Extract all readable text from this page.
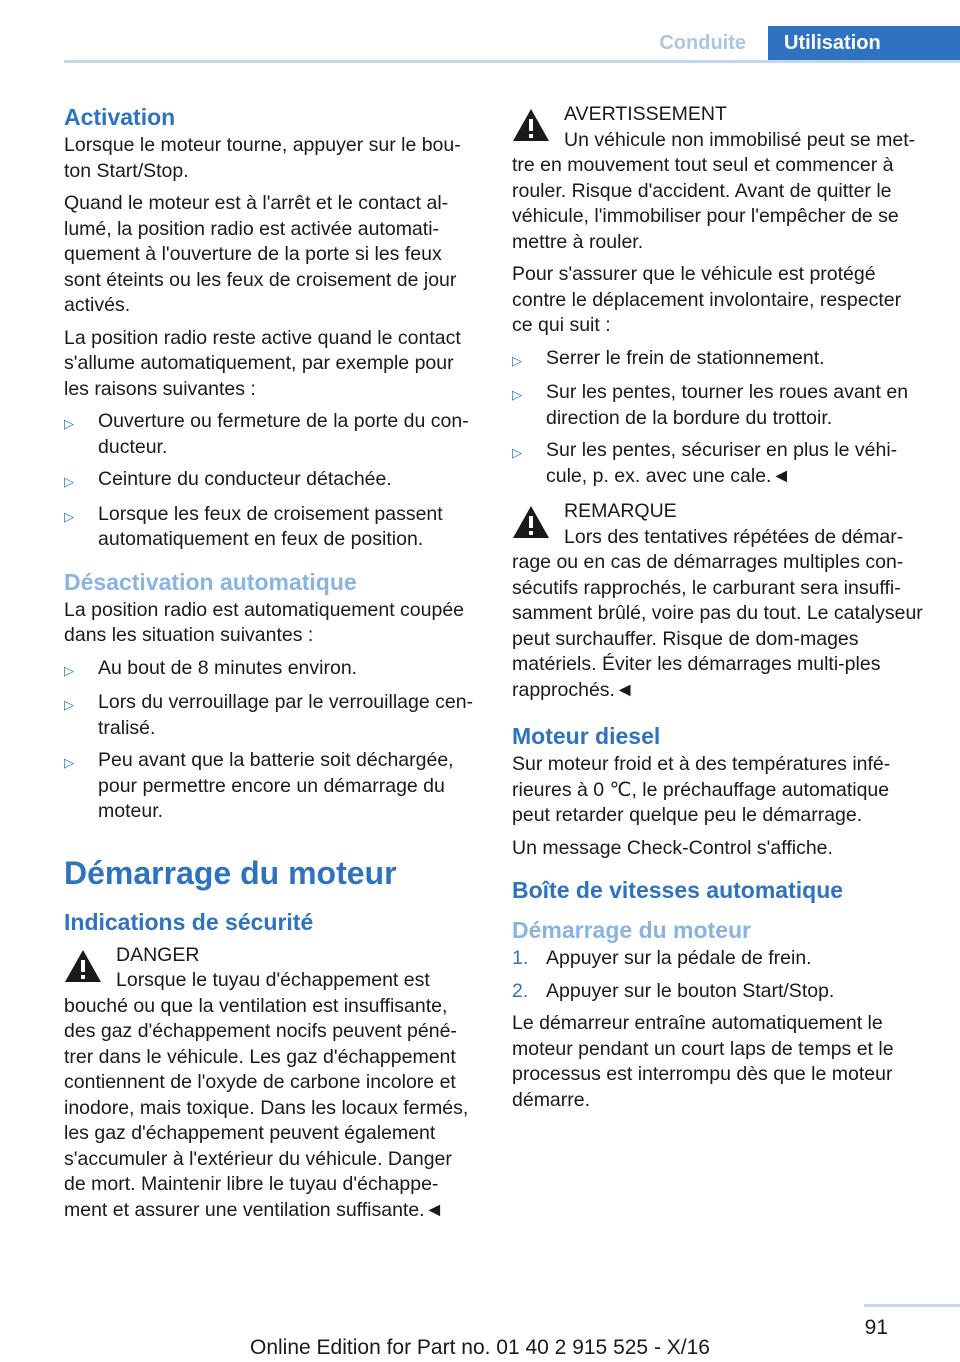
Conduite	Utilisation
Activation

Lorsque le moteur tourne, appuyer sur le bou‐ton Start/Stop.

Quand le moteur est à l'arrêt et le contact al‐lumé, la position radio est activée automati‐quement à l'ouverture de la porte si les feux sont éteints ou les feux de croisement de jour activés.

La position radio reste active quand le contact s'allume automatiquement, par exemple pour les raisons suivantes :

▷	Ouverture ou fermeture de la porte du con‐ducteur.
▷	Ceinture du conducteur détachée.
▷	Lorsque les feux de croisement passent automatiquement en feux de position.
Désactivation automatique

La position radio est automatiquement coupée dans les situation suivantes :

▷	Au bout de 8 minutes environ.
▷	Lors du verrouillage par le verrouillage cen‐tralisé.
▷	Peu avant que la batterie soit déchargée, pour permettre encore un démarrage du moteur.
Démarrage du moteur
Indications de sécurité
DANGER
Lorsque le tuyau d'échappement est bouché ou que la ventilation est insuffisante, des gaz d'échappement nocifs peuvent péné‐trer dans le véhicule. Les gaz d'échappement contiennent de l'oxyde de carbone incolore et inodore, mais toxique. Dans les locaux fermés, les gaz d'échappement peuvent également s'accumuler à l'extérieur du véhicule. Danger de mort. Maintenir libre le tuyau d'échappe‐ment et assurer une ventilation suffisante.◄
AVERTISSEMENT
Un véhicule non immobilisé peut se met‐tre en mouvement tout seul et commencer à rouler. Risque d'accident. Avant de quitter le véhicule, l'immobiliser pour l'empêcher de se mettre à rouler.

Pour s'assurer que le véhicule est protégé contre le déplacement involontaire, respecter ce qui suit :

▷	Serrer le frein de stationnement.
▷	Sur les pentes, tourner les roues avant en direction de la bordure du trottoir.
▷	Sur les pentes, sécuriser en plus le véhi‐cule, p. ex. avec une cale.◄
REMARQUE
Lors des tentatives répétées de démar‐rage ou en cas de démarrages multiples con‐sécutifs rapprochés, le carburant sera insuffi‐samment brûlé, voire pas du tout. Le catalyseur peut surchauffer. Risque de dom‐mages matériels. Éviter les démarrages multi‐ples rapprochés.◄
Moteur diesel

Sur moteur froid et à des températures infé‐rieures à 0 ℃, le préchauffage automatique peut retarder quelque peu le démarrage.

Un message Check-Control s'affiche.

Boîte de vitesses automatique
Démarrage du moteur
1. Appuyer sur la pédale de frein.
2. Appuyer sur le bouton Start/Stop.

Le démarreur entraîne automatiquement le moteur pendant un court laps de temps et le processus est interrompu dès que le moteur démarre.

91
Online Edition for Part no. 01 40 2 915 525 - X/16
